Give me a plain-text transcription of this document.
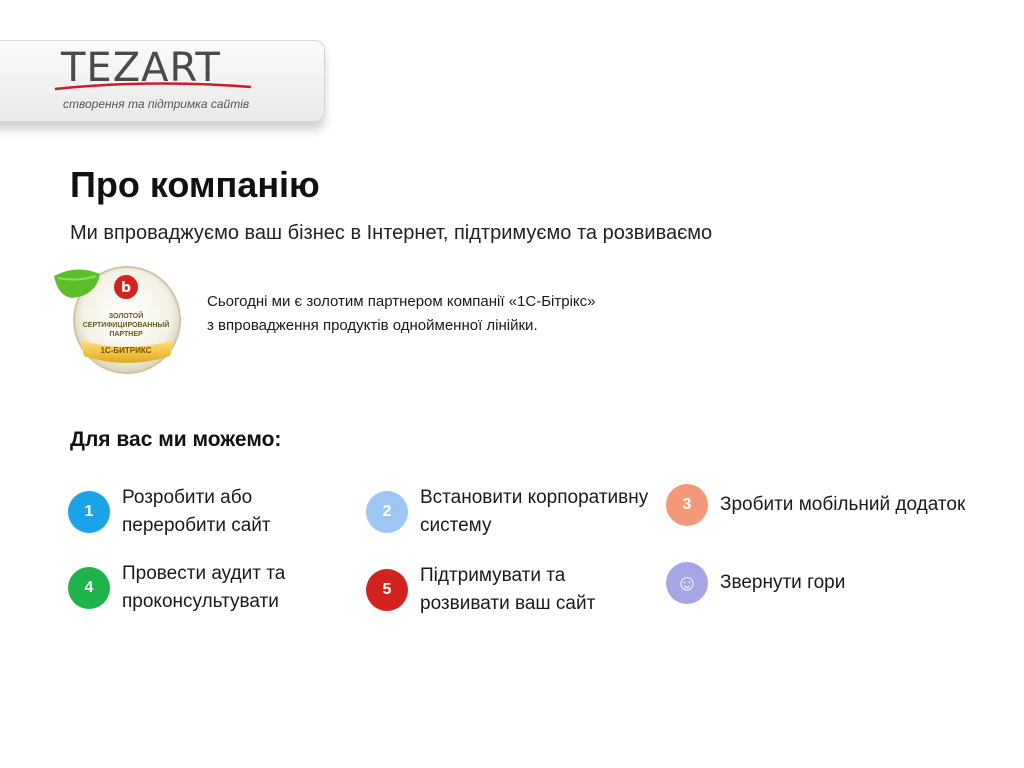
TEZART
створення та підтримка сайтів
Про компанію
Ми впроваджуємо ваш бізнес в Інтернет, підтримуємо та розвиваємо
b
ЗОЛОТОЙ
СЕРТИФИЦИРОВАННЫЙ
ПАРТНЕР
1С-БИТРИКС
Сьогодні ми є золотим партнером компанії «1С-Бітрікс»
з впровадження продуктів однойменної лінійки.
Для вас ми можемо:
1
Розробити або переробити сайт
2
Встановити корпоративну систему
3	Зробити мобільний додаток
4
Провести аудит та проконсультувати
5
Підтримувати та розвивати ваш сайт
☺	Звернути гори
